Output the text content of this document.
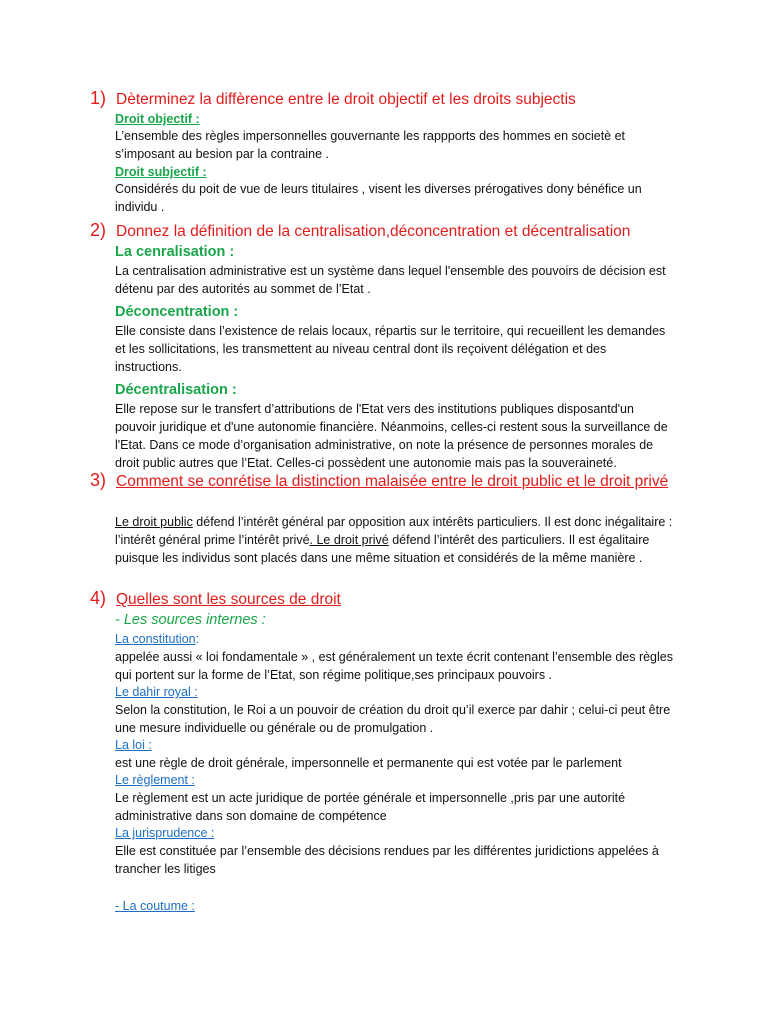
1) Dèterminez la diffèrence entre le droit objectif et les droits subjectis
Droit objectif :
L’ensemble des règles impersonnelles gouvernante les rappports des hommes en societè et s’imposant au besion par la contraine .
Droit subjectif :
Considérés du poit de vue de leurs titulaires , visent les diverses prérogatives dony bénéfice un individu .
2) Donnez la définition de la centralisation,déconcentration et décentralisation
La cenralisation :
La centralisation administrative est un système dans lequel l'ensemble des pouvoirs de décision est détenu par des autorités au sommet de l’Etat .
Déconcentration :
Elle consiste dans l’existence de relais locaux, répartis sur le territoire, qui recueillent les demandes et les sollicitations, les transmettent au niveau central dont ils reçoivent délégation et des instructions.
Décentralisation :
Elle repose sur le transfert d’attributions de l'Etat vers des institutions publiques disposantd'un pouvoir juridique et d'une autonomie financière. Néanmoins, celles-ci restent sous la surveillance de l'Etat. Dans ce mode d’organisation administrative, on note la présence de personnes morales de droit public autres que l’Etat. Celles-ci possèdent une autonomie mais pas la souveraineté.
3) Comment se conrétise la distinction malaisée entre le droit public et le droit privé
Le droit public défend l’intérêt général par opposition aux intérêts particuliers. Il est donc inégalitaire : l’intérêt général prime l’intérêt privé. Le droit privé défend l’intérêt des particuliers. Il est égalitaire puisque les individus sont placés dans une même situation et considérés de la même manière .
4) Quelles sont les sources de droit
- Les sources internes :
La constitution:
appelée aussi « loi fondamentale » , est généralement un texte écrit contenant l’ensemble des règles qui portent sur la forme de l’Etat, son régime politique,ses principaux pouvoirs .
Le dahir royal :
Selon la constitution, le Roi a un pouvoir de création du droit qu’il exerce par dahir ; celui-ci peut être une mesure individuelle ou générale ou de promulgation .
La loi :
est une règle de droit générale, impersonnelle et permanente qui est votée par le parlement
Le règlement :
Le règlement est un acte juridique de portée générale et impersonnelle ,pris par une autorité administrative dans son domaine de compétence
La jurisprudence :
Elle est constituée par l’ensemble des décisions rendues par les différentes juridictions appelées à trancher les litiges
- La coutume :
